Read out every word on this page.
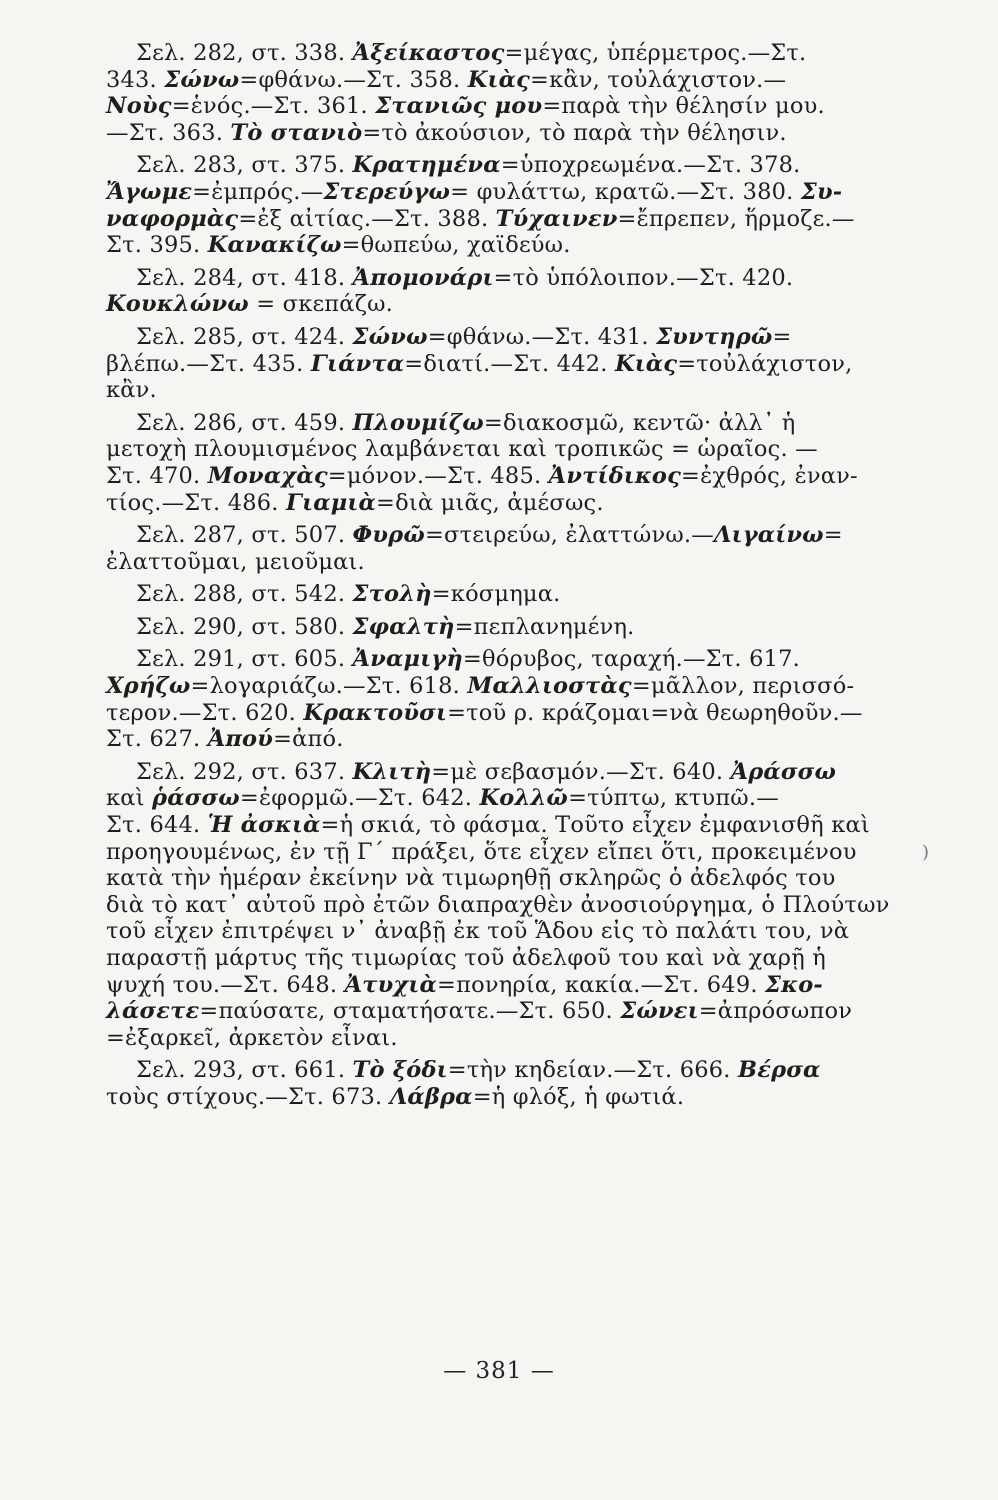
Σελ. 282, στ. 338. Ἀξείκαστος=μέγας, ὑπέρμετρος.—Στ.
343. Σώνω=φθάνω.—Στ. 358. Κιὰς=κἂν, τοὐλάχιστον.—
Νοὺς=ἑνός.—Στ. 361. Στανιῶς μου=παρὰ τὴν θέλησίν μου.
—Στ. 363. Τὸ στανιὸ=τὸ ἀκούσιον, τὸ παρὰ τὴν θέλησιν.
Σελ. 283, στ. 375. Κρατημένα=ὑποχρεωμένα.—Στ. 378.
Ἄγωμε=ἐμπρός.—Στερεύγω= φυλάττω, κρατῶ.—Στ. 380. Συ-
ναφορμὰς=ἐξ αἰτίας.—Στ. 388. Τύχαινεν=ἔπρεπεν, ἥρμοζε.—
Στ. 395. Κανακίζω=θωπεύω, χαϊδεύω.
Σελ. 284, στ. 418. Ἀπομονάρι=τὸ ὑπόλοιπον.—Στ. 420.
Κουκλώνω = σκεπάζω.
Σελ. 285, στ. 424. Σώνω=φθάνω.—Στ. 431. Συντηρῶ=
βλέπω.—Στ. 435. Γιάντα=διατί.—Στ. 442. Κιὰς=τοὐλάχιστον,
κἂν.
Σελ. 286, στ. 459. Πλουμίζω=διακοσμῶ, κεντῶ· ἀλλ᾽ ἡ
μετοχὴ πλουμισμένος λαμβάνεται καὶ τροπικῶς = ὡραῖος. —
Στ. 470. Μοναχὰς=μόνον.—Στ. 485. Ἀντίδικος=ἐχθρός, ἐναν-
τίος.—Στ. 486. Γιαμιὰ=διὰ μιᾶς, ἀμέσως.
Σελ. 287, στ. 507. Φυρῶ=στειρεύω, ἐλαττώνω.—Λιγαίνω=
ἐλαττοῦμαι, μειοῦμαι.
Σελ. 288, στ. 542. Στολὴ=κόσμημα.
Σελ. 290, στ. 580. Σφαλτὴ=πεπλανημένη.
Σελ. 291, στ. 605. Ἀναμιγὴ=θόρυβος, ταραχή.—Στ. 617.
Χρήζω=λογαριάζω.—Στ. 618. Μαλλιοστὰς=μᾶλλον, περισσό-
τερον.—Στ. 620. Κρακτοῦσι=τοῦ ρ. κράζομαι=νὰ θεωρηθοῦν.—
Στ. 627. Ἀπού=ἀπό.
Σελ. 292, στ. 637. Κλιτὴ=μὲ σεβασμόν.—Στ. 640. Ἀράσσω
καὶ ῥάσσω=ἐφορμῶ.—Στ. 642. Κολλῶ=τύπτω, κτυπῶ.—
Στ. 644. Ἡ ἀσκιὰ=ἡ σκιά, τὸ φάσμα. Τοῦτο εἶχεν ἐμφανισθῆ καὶ
προηγουμένως, ἐν τῇ Γ´ πράξει, ὅτε εἶχεν εἴπει ὅτι, προκειμένου
κατὰ τὴν ἡμέραν ἐκείνην νὰ τιμωρηθῇ σκληρῶς ὁ ἀδελφός του
διὰ τὸ κατ᾽ αὐτοῦ πρὸ ἐτῶν διαπραχθὲν ἀνοσιούργημα, ὁ Πλούτων
τοῦ εἶχεν ἐπιτρέψει ν᾽ ἀναβῇ ἐκ τοῦ Ἅδου εἰς τὸ παλάτι του, νὰ
παραστῇ μάρτυς τῆς τιμωρίας τοῦ ἀδελφοῦ του καὶ νὰ χαρῇ ἡ
ψυχή του.—Στ. 648. Ἀτυχιὰ=πονηρία, κακία.—Στ. 649. Σκο-
λάσετε=παύσατε, σταματήσατε.—Στ. 650. Σώνει=ἀπρόσωπον
=ἐξαρκεῖ, ἀρκετὸν εἶναι.
Σελ. 293, στ. 661. Τὸ ξόδι=τὴν κηδείαν.—Στ. 666. Βέρσα
τοὺς στίχους.—Στ. 673. Λάβρα=ἡ φλόξ, ἡ φωτιά.
)
— 381 —
